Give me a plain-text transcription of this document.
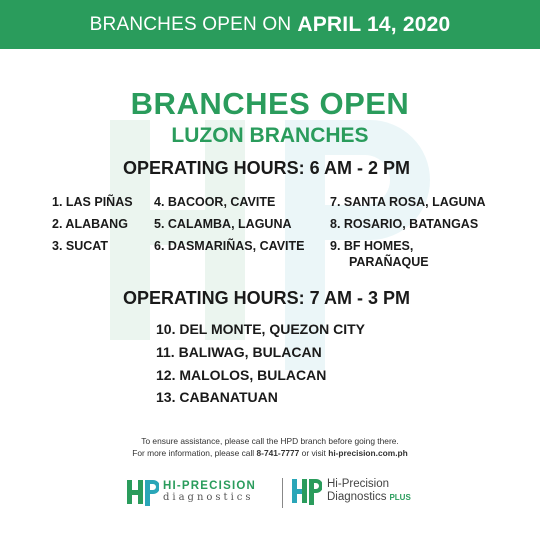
BRANCHES OPEN ON APRIL 14, 2020
BRANCHES OPEN
LUZON BRANCHES
OPERATING HOURS: 6 AM - 2 PM
1. LAS PIÑAS
2. ALABANG
3. SUCAT
4. BACOOR, CAVITE
5. CALAMBA, LAGUNA
6. DASMARIÑAS, CAVITE
7. SANTA ROSA, LAGUNA
8. ROSARIO, BATANGAS
9. BF HOMES,
PARAÑAQUE
OPERATING HOURS: 7 AM - 3 PM
10. DEL MONTE, QUEZON CITY
11. BALIWAG, BULACAN
12. MALOLOS, BULACAN
13. CABANATUAN
To ensure assistance, please call the HPD branch before going there.
For more information, please call 8-741-7777 or visit hi-precision.com.ph
HI-PRECISION
diagnostics
Hi-Precision
Diagnostics PLUS
